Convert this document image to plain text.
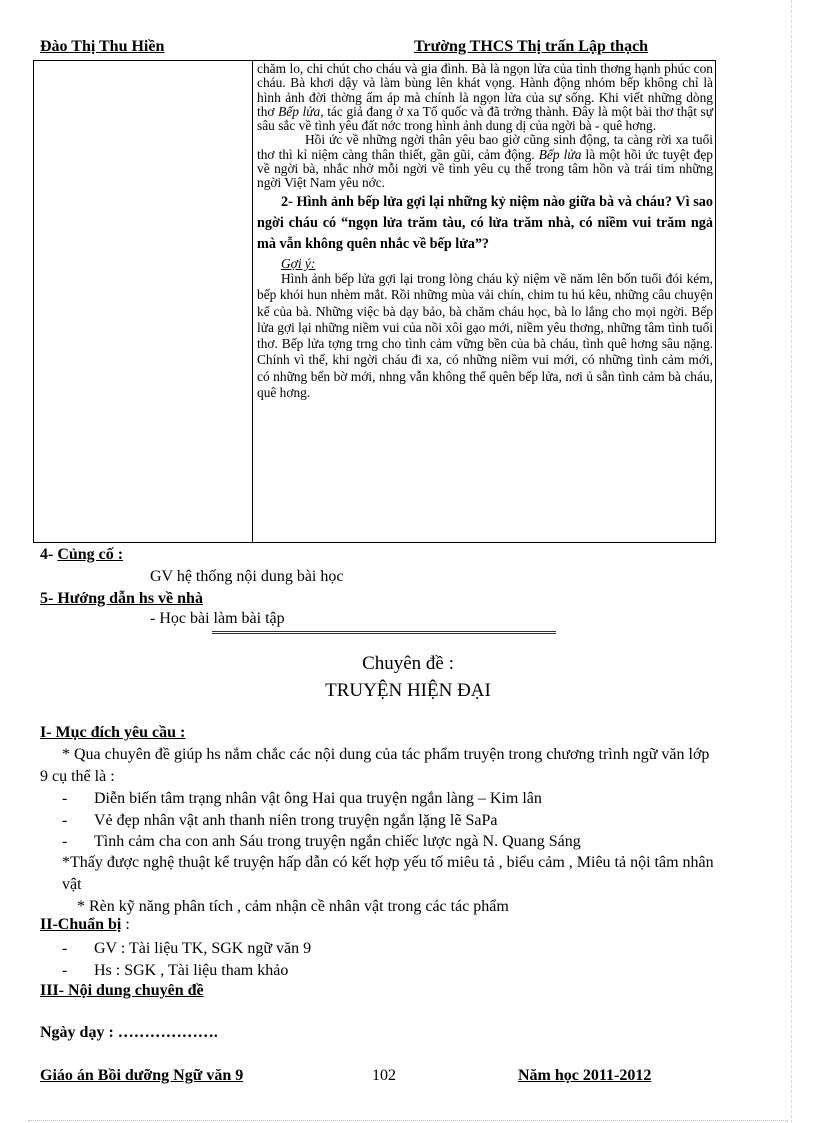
Đào Thị Thu Hiền	Trường THCS Thị trấn Lập thạch

chăm lo, chi chút cho cháu và gia đình. Bà là ngọn lửa của tình thơng hạnh phúc con cháu. Bà khơi dậy và làm bùng lên khát vọng. Hành động nhóm bếp không chỉ là hình ảnh đời thờng ấm áp mà chính là ngọn lửa của sự sống. Khi viết những dòng thơ Bếp lửa, tác giả đang ở xa Tổ quốc và đã trởng thành. Đây là một bài thơ thật sự sâu sắc về tình yêu đất nớc trong hình ảnh dung dị của ngời bà - quê hơng.

Hồi ức về những ngời thân yêu bao giờ cũng sinh động, ta càng rời xa tuổi thơ thì kỉ niệm càng thân thiết, gần gũi, cảm động. Bếp lửa là một hồi ức tuyệt đẹp về ngời bà, nhắc nhở mỗi ngời về tình yêu cụ thể trong tâm hồn và trái tim những ngời Việt Nam yêu nớc.

2- Hình ảnh bếp lửa gợi lại những kỷ niệm nào giữa bà và cháu? Vì sao ngời cháu có “ngọn lửa trăm tàu, có lửa trăm nhà, có niềm vui trăm ngả mà vẫn không quên nhắc về bếp lửa”?

Gợi ý:

Hình ảnh bếp lửa gợi lại trong lòng cháu kỷ niệm về năm lên bốn tuổi đói kém, bếp khói hun nhèm mắt. Rồi những mùa vải chín, chim tu hú kêu, những câu chuyện kể của bà. Những việc bà dạy bảo, bà chăm cháu học, bà lo lắng cho mọi ngời. Bếp lửa gợi lại những niềm vui của nồi xôi gạo mới, niềm yêu thơng, những tâm tình tuổi thơ. Bếp lửa tợng trng cho tình cảm vững bền của bà cháu, tình quê hơng sâu nặng. Chính vì thế, khi ngời cháu đi xa, có những niềm vui mới, có những tình cảm mới, có những bến bờ mới, nhng vẫn không thể quên bếp lửa, nơi ủ sẵn tình cảm bà cháu, quê hơng.

4- Củng cố :
GV hệ thống nội dung bài học
5- Hướng dẫn hs về nhà
- Học bài làm bài tập
Chuyên đề :
TRUYỆN HIỆN ĐẠI
I- Mục đích yêu cầu :
* Qua chuyên đề giúp hs nắm chắc các nội dung của tác phẩm truyện trong chương trình ngữ văn lớp 9 cụ thể là :
- Diễn biến tâm trạng nhân vật ông Hai qua truyện ngắn làng – Kim lân
- Vẻ đẹp nhân vật anh thanh niên trong truyện ngắn lặng lẽ SaPa
- Tình cảm cha con anh Sáu trong truyện ngắn chiếc lược ngà N. Quang Sáng
*Thấy được nghệ thuật kể truyện hấp dẫn có kết hợp yếu tố miêu tả , biểu cảm , Miêu tả nội tâm nhân vật
* Rèn kỹ năng phân tích , cảm nhận cề nhân vật trong các tác phẩm
II-Chuẩn bị :
- GV : Tài liệu TK, SGK ngữ văn 9
- Hs : SGK , Tài liệu tham khảo
III- Nội dung chuyên đề
Ngày dạy : ……………….
Giáo án Bồi dưỡng Ngữ văn 9	102	Năm học 2011-2012
